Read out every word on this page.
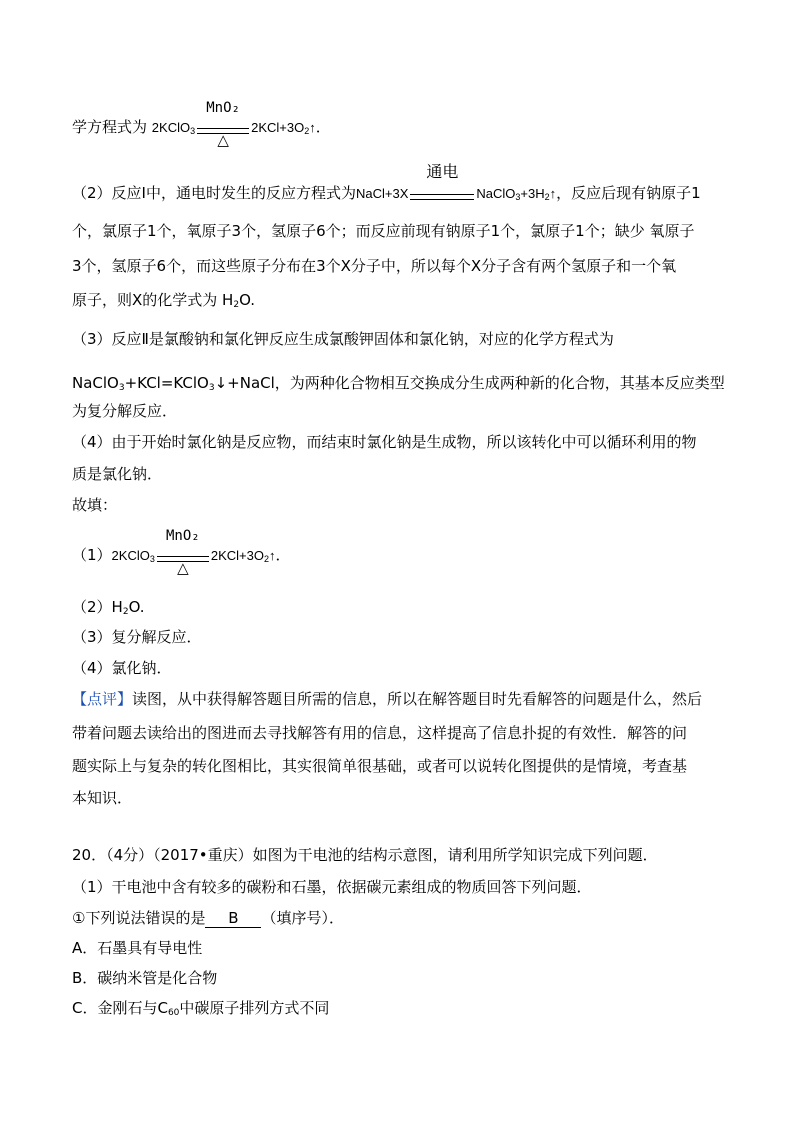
学方程式为 2KClO$_3$
MnO₂
△
$2KCl+3O_2↑$．
（2）反应Ⅰ中，通电时发生的反应方程式为NaCl+3X
通电
$NaClO_3+3H_2↑$，反应后现有钠原子1
个，氯原子1个，氧原子3个，氢原子6个；而反应前现有钠原子1个，氯原子1个；缺少 氧原子
3个，氢原子6个，而这些原子分布在3个X分子中，所以每个X分子含有两个氢原子和一个氧
原子，则X的化学式为 $H_2O$.
（3）反应Ⅱ是氯酸钠和氯化钾反应生成氯酸钾固体和氯化钠，对应的化学方程式为
NaClO$_3$+KCl=KClO$_3$↓+NaCl，为两种化合物相互交换成分生成两种新的化合物，其基本反应类型
为复分解反应．
（4）由于开始时氯化钠是反应物，而结束时氯化钠是生成物，所以该转化中可以循环利用的物
质是氯化钠．
故填：
（1）2KClO$_3$
MnO₂
△
$2KCl+3O_2↑$．
$(2)H_2O$.
（3）复分解反应．
（4）氯化钠．
【点评】读图，从中获得解答题目所需的信息，所以在解答题目时先看解答的问题是什么，然后
带着问题去读给出的图进而去寻找解答有用的信息，这样提高了信息扑捉的有效性．解答的问
题实际上与复杂的转化图相比，其实很简单很基础，或者可以说转化图提供的是情境，考查基
本知识．
20．（4分）（2017•重庆）如图为干电池的结构示意图，请利用所学知识完成下列问题．
（1）干电池中含有较多的碳粉和石墨，依据碳元素组成的物质回答下列问题．
①下列说法错误的是 B （填序号）．
A．石墨具有导电性
B．碳纳米管是化合物
C．金刚石与$C_{60}$中碳原子排列方式不同
